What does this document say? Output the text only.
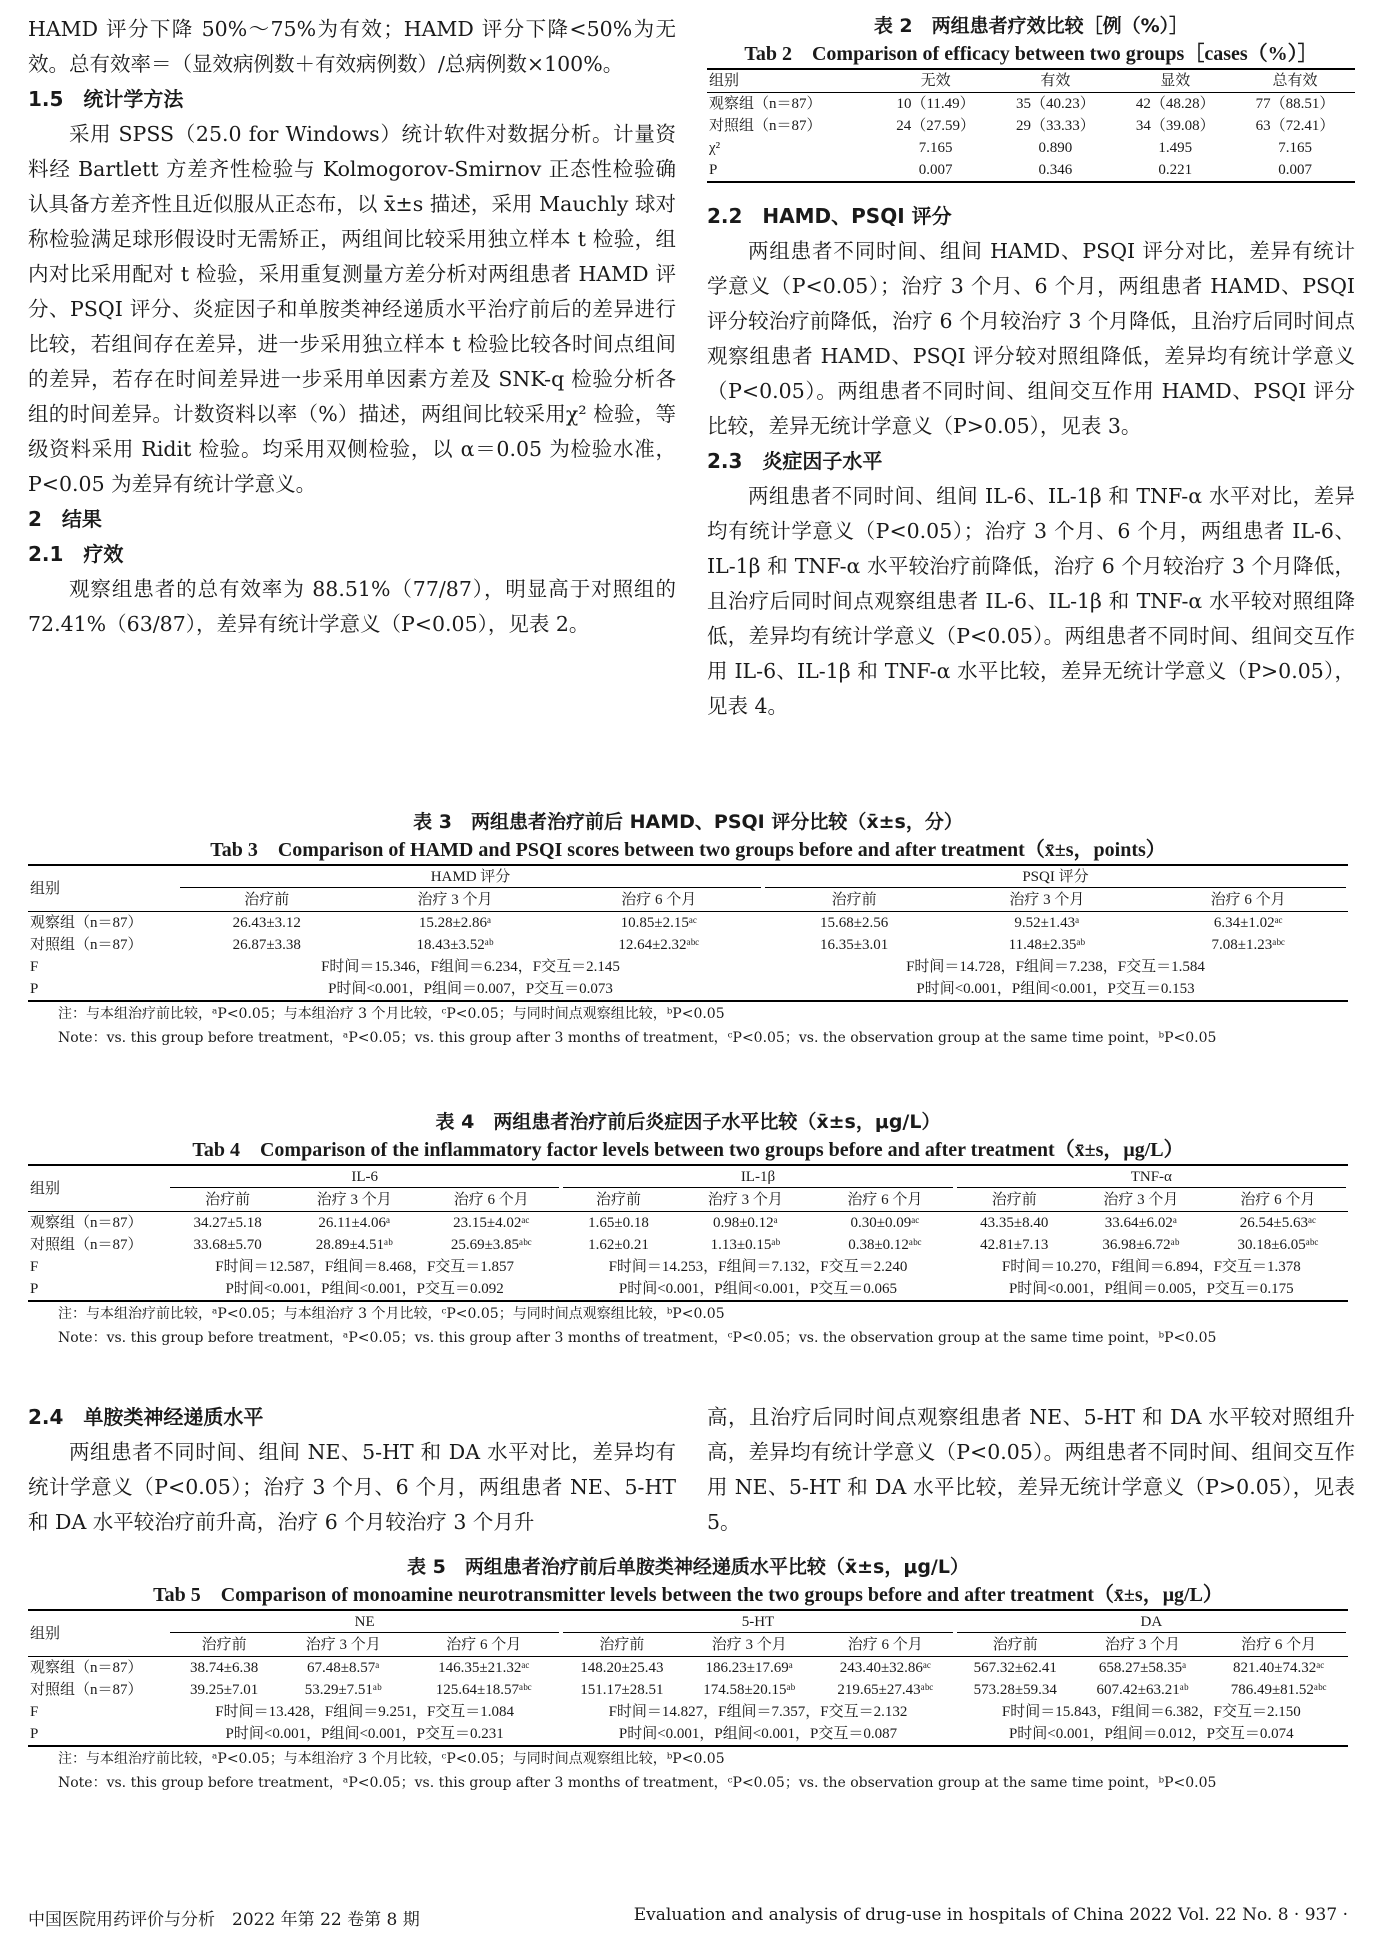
HAMD 评分下降 50%～75%为有效；HAMD 评分下降<50%为无效。总有效率＝（显效病例数＋有效病例数）/总病例数×100%。

1.5　统计学方法

采用 SPSS（25.0 for Windows）统计软件对数据分析。计量资料经 Bartlett 方差齐性检验与 Kolmogorov-Smirnov 正态性检验确认具备方差齐性且近似服从正态布，以 x̄±s 描述，采用 Mauchly 球对称检验满足球形假设时无需矫正，两组间比较采用独立样本 t 检验，组内对比采用配对 t 检验，采用重复测量方差分析对两组患者 HAMD 评分、PSQI 评分、炎症因子和单胺类神经递质水平治疗前后的差异进行比较，若组间存在差异，进一步采用独立样本 t 检验比较各时间点组间的差异，若存在时间差异进一步采用单因素方差及 SNK-q 检验分析各组的时间差异。计数资料以率（%）描述，两组间比较采用χ² 检验，等级资料采用 Ridit 检验。均采用双侧检验，以 α＝0.05 为检验水准，P<0.05 为差异有统计学意义。

2　结果
2.1　疗效

观察组患者的总有效率为 88.51%（77/87），明显高于对照组的 72.41%（63/87），差异有统计学意义（P<0.05），见表 2。

表 2　两组患者疗效比较［例（%）］
Tab 2　Comparison of efficacy between two groups［cases（%）］
组别	无效	有效	显效	总有效
观察组（n＝87）	10（11.49）	35（40.23）	42（48.28）	77（88.51）
对照组（n＝87）	24（27.59）	29（33.33）	34（39.08）	63（72.41）
χ²	7.165	0.890	1.495	7.165
P	0.007	0.346	0.221	0.007
2.2　HAMD、PSQI 评分

两组患者不同时间、组间 HAMD、PSQI 评分对比，差异有统计学意义（P<0.05）；治疗 3 个月、6 个月，两组患者 HAMD、PSQI 评分较治疗前降低，治疗 6 个月较治疗 3 个月降低，且治疗后同时间点观察组患者 HAMD、PSQI 评分较对照组降低，差异均有统计学意义（P<0.05）。两组患者不同时间、组间交互作用 HAMD、PSQI 评分比较，差异无统计学意义（P>0.05），见表 3。

2.3　炎症因子水平

两组患者不同时间、组间 IL-6、IL-1β 和 TNF-α 水平对比，差异均有统计学意义（P<0.05）；治疗 3 个月、6 个月，两组患者 IL-6、IL-1β 和 TNF-α 水平较治疗前降低，治疗 6 个月较治疗 3 个月降低，且治疗后同时间点观察组患者 IL-6、IL-1β 和 TNF-α 水平较对照组降低，差异均有统计学意义（P<0.05）。两组患者不同时间、组间交互作用 IL-6、IL-1β 和 TNF-α 水平比较，差异无统计学意义（P>0.05），见表 4。

表 3　两组患者治疗前后 HAMD、PSQI 评分比较（x̄±s，分）
Tab 3　Comparison of HAMD and PSQI scores between two groups before and after treatment（x̄±s，points）
组别	HAMD 评分			PSQI 评分		

	治疗前	治疗 3 个月	治疗 6 个月	治疗前	治疗 3 个月	治疗 6 个月
观察组（n＝87）	26.43±3.12	15.28±2.86ᵃ	10.85±2.15ᵃᶜ	15.68±2.56	9.52±1.43ᵃ	6.34±1.02ᵃᶜ
对照组（n＝87）	26.87±3.38	18.43±3.52ᵃᵇ	12.64±2.32ᵃᵇᶜ	16.35±3.01	11.48±2.35ᵃᵇ	7.08±1.23ᵃᵇᶜ
F	F时间＝15.346，F组间＝6.234，F交互＝2.145			F时间＝14.728，F组间＝7.238，F交互＝1.584		
P	P时间<0.001，P组间＝0.007，P交互＝0.073			P时间<0.001，P组间<0.001，P交互＝0.153		
注：与本组治疗前比较，ᵃP<0.05；与本组治疗 3 个月比较，ᶜP<0.05；与同时间点观察组比较，ᵇP<0.05
Note：vs. this group before treatment，ᵃP<0.05；vs. this group after 3 months of treatment，ᶜP<0.05；vs. the observation group at the same time point，ᵇP<0.05
表 4　两组患者治疗前后炎症因子水平比较（x̄±s，μg/L）
Tab 4　Comparison of the inflammatory factor levels between two groups before and after treatment（x̄±s，μg/L）
组别	IL-6			IL-1β			TNF-α		

	治疗前	治疗 3 个月	治疗 6 个月	治疗前	治疗 3 个月	治疗 6 个月	治疗前	治疗 3 个月	治疗 6 个月
观察组（n＝87）	34.27±5.18	26.11±4.06ᵃ	23.15±4.02ᵃᶜ	1.65±0.18	0.98±0.12ᵃ	0.30±0.09ᵃᶜ	43.35±8.40	33.64±6.02ᵃ	26.54±5.63ᵃᶜ
对照组（n＝87）	33.68±5.70	28.89±4.51ᵃᵇ	25.69±3.85ᵃᵇᶜ	1.62±0.21	1.13±0.15ᵃᵇ	0.38±0.12ᵃᵇᶜ	42.81±7.13	36.98±6.72ᵃᵇ	30.18±6.05ᵃᵇᶜ
F	F时间＝12.587，F组间＝8.468，F交互＝1.857			F时间＝14.253，F组间＝7.132，F交互＝2.240			F时间＝10.270，F组间＝6.894，F交互＝1.378		
P	P时间<0.001，P组间<0.001，P交互＝0.092			P时间<0.001，P组间<0.001，P交互＝0.065			P时间<0.001，P组间＝0.005，P交互＝0.175		
注：与本组治疗前比较，ᵃP<0.05；与本组治疗 3 个月比较，ᶜP<0.05；与同时间点观察组比较，ᵇP<0.05
Note：vs. this group before treatment，ᵃP<0.05；vs. this group after 3 months of treatment，ᶜP<0.05；vs. the observation group at the same time point，ᵇP<0.05
2.4　单胺类神经递质水平

两组患者不同时间、组间 NE、5-HT 和 DA 水平对比，差异均有统计学意义（P<0.05）；治疗 3 个月、6 个月，两组患者 NE、5-HT 和 DA 水平较治疗前升高，治疗 6 个月较治疗 3 个月升

高，且治疗后同时间点观察组患者 NE、5-HT 和 DA 水平较对照组升高，差异均有统计学意义（P<0.05）。两组患者不同时间、组间交互作用 NE、5-HT 和 DA 水平比较，差异无统计学意义（P>0.05），见表 5。

表 5　两组患者治疗前后单胺类神经递质水平比较（x̄±s，μg/L）
Tab 5　Comparison of monoamine neurotransmitter levels between the two groups before and after treatment（x̄±s，μg/L）
组别	NE			5-HT			DA		

	治疗前	治疗 3 个月	治疗 6 个月	治疗前	治疗 3 个月	治疗 6 个月	治疗前	治疗 3 个月	治疗 6 个月
观察组（n＝87）	38.74±6.38	67.48±8.57ᵃ	146.35±21.32ᵃᶜ	148.20±25.43	186.23±17.69ᵃ	243.40±32.86ᵃᶜ	567.32±62.41	658.27±58.35ᵃ	821.40±74.32ᵃᶜ
对照组（n＝87）	39.25±7.01	53.29±7.51ᵃᵇ	125.64±18.57ᵃᵇᶜ	151.17±28.51	174.58±20.15ᵃᵇ	219.65±27.43ᵃᵇᶜ	573.28±59.34	607.42±63.21ᵃᵇ	786.49±81.52ᵃᵇᶜ
F	F时间＝13.428，F组间＝9.251，F交互＝1.084			F时间＝14.827，F组间＝7.357，F交互＝2.132			F时间＝15.843，F组间＝6.382，F交互＝2.150		
P	P时间<0.001，P组间<0.001，P交互＝0.231			P时间<0.001，P组间<0.001，P交互＝0.087			P时间<0.001，P组间＝0.012，P交互＝0.074		
注：与本组治疗前比较，ᵃP<0.05；与本组治疗 3 个月比较，ᶜP<0.05；与同时间点观察组比较，ᵇP<0.05
Note：vs. this group before treatment，ᵃP<0.05；vs. this group after 3 months of treatment，ᶜP<0.05；vs. the observation group at the same time point，ᵇP<0.05
中国医院用药评价与分析　2022 年第 22 卷第 8 期	Evaluation and analysis of drug-use in hospitals of China 2022 Vol. 22 No. 8 · 937 ·
